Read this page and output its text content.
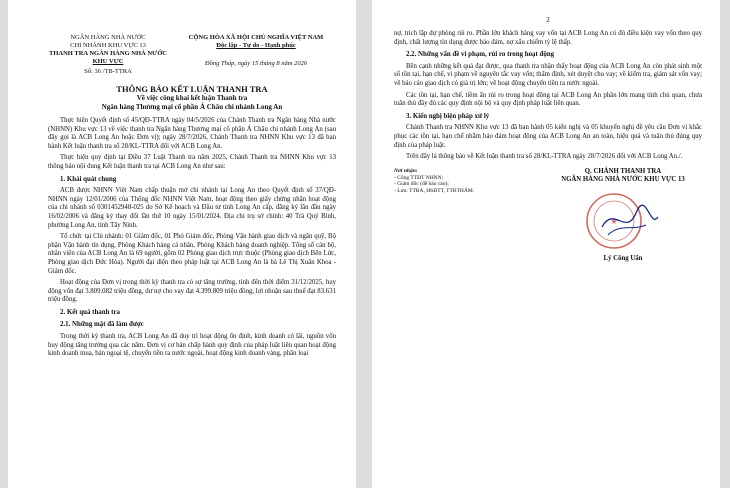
NGÂN HÀNG NHÀ NƯỚC
CHI NHÁNH KHU VỰC 13
THANH TRA NGÂN HÀNG NHÀ NƯỚC
KHU VỰC
Số: 36 /TB-TTRA
CỘNG HÒA XÃ HỘI CHỦ NGHĨA VIỆT NAM
Độc lập - Tự do - Hạnh phúc
Đồng Tháp, ngày 15 tháng 8 năm 2026
THÔNG BÁO KẾT LUẬN THANH TRA
Về việc công khai kết luận Thanh tra
Ngân hàng Thương mại cổ phần Á Châu chi nhánh Long An

Thực hiện Quyết định số 45/QĐ-TTRA ngày 04/5/2026 của Chánh Thanh tra Ngân hàng Nhà nước (NHNN) Khu vực 13 về việc thanh tra Ngân hàng Thương mại cổ phần Á Châu chi nhánh Long An (sau đây gọi là ACB Long An hoặc Đơn vị); ngày 28/7/2026, Chánh Thanh tra NHNN Khu vực 13 đã ban hành Kết luận thanh tra số 28/KL-TTRA đối với ACB Long An.

Thực hiện quy định tại Điều 37 Luật Thanh tra năm 2025, Chánh Thanh tra NHNN Khu vực 13 thông báo nội dung Kết luận thanh tra tại ACB Long An như sau:

1. Khái quát chung

ACB được NHNN Việt Nam chấp thuận mở chi nhánh tại Long An theo Quyết định số 37/QĐ-NHNN ngày 12/01/2006 của Thống đốc NHNN Việt Nam, hoạt động theo giấy chứng nhận hoạt động của chi nhánh số 0301452948-025 do Sở Kế hoạch và Đầu tư tỉnh Long An cấp, đăng ký lần đầu ngày 16/02/2006 và đăng ký thay đổi lần thứ 10 ngày 15/01/2024. Địa chỉ trụ sở chính: 40 Trà Quý Bình, phường Long An, tỉnh Tây Ninh.

Tổ chức tại Chi nhánh: 01 Giám đốc, 01 Phó Giám đốc, Phòng Vận hành giao dịch và ngân quỹ, Bộ phận Vận hành tín dụng, Phòng Khách hàng cá nhân, Phòng Khách hàng doanh nghiệp. Tổng số cán bộ, nhân viên của ACB Long An là 69 người, gồm 02 Phòng giao dịch trực thuộc (Phòng giao dịch Bến Lức, Phòng giao dịch Đức Hòa). Người đại diện theo pháp luật tại ACB Long An là bà Lê Thị Xuân Khoa - Giám đốc.

Hoạt động của Đơn vị trong thời kỳ thanh tra có sự tăng trưởng, tính đến thời điểm 31/12/2025, huy động vốn đạt 3.809.082 triệu đồng, dư nợ cho vay đạt 4.399.809 triệu đồng, lợi nhuận sau thuế đạt 83.631 triệu đồng.

2. Kết quả thanh tra
2.1. Những mặt đã làm được

Trong thời kỳ thanh tra, ACB Long An đã duy trì hoạt động ổn định, kinh doanh có lãi, nguồn vốn huy động tăng trưởng qua các năm. Đơn vị cơ bản chấp hành quy định của pháp luật liên quan hoạt động kinh doanh mua, bán ngoại tệ, chuyển tiền ra nước ngoài, hoạt động kinh doanh vàng, phân loại

2

nợ, trích lập dự phòng rủi ro. Phần lớn khách hàng vay vốn tại ACB Long An có đủ điều kiện vay vốn theo quy định, chất lượng tín dụng được bảo đảm, nợ xấu chiếm tỷ lệ thấp.

2.2. Những vấn đề vi phạm, rủi ro trong hoạt động

Bên cạnh những kết quả đạt được, qua thanh tra nhận thấy hoạt động của ACB Long An còn phát sinh một số tồn tại, hạn chế, vi phạm về nguyên tắc vay vốn; thẩm định, xét duyệt cho vay; về kiểm tra, giám sát vốn vay; về báo cáo giao dịch có giá trị lớn; về hoạt động chuyển tiền ra nước ngoài.

Các tồn tại, hạn chế, tiềm ẩn rủi ro trong hoạt động tại ACB Long An phần lớn mang tính chủ quan, chưa tuân thủ đầy đủ các quy định nội bộ và quy định pháp luật liên quan.

3. Kiến nghị biện pháp xử lý

Chánh Thanh tra NHNN Khu vực 13 đã ban hành 05 kiến nghị và 05 khuyến nghị đề yêu cầu Đơn vị khắc phục các tồn tại, hạn chế nhằm bảo đảm hoạt động của ACB Long An an toàn, hiệu quả và tuân thủ đúng quy định của pháp luật.

Trên đây là thông báo về Kết luận thanh tra số 28/KL-TTRA ngày 28/7/2026 đối với ACB Long An./.

Nơi nhận:
- Công TTĐT NHNN;
- Giám đốc (để báo cáo);
- Lưu: TTRA, HSĐTT, TTBTHÂM.
Q. CHÁNH THANH TRA
NGÂN HÀNG NHÀ NƯỚC KHU VỰC 13
★
Lý Công Uẩn
